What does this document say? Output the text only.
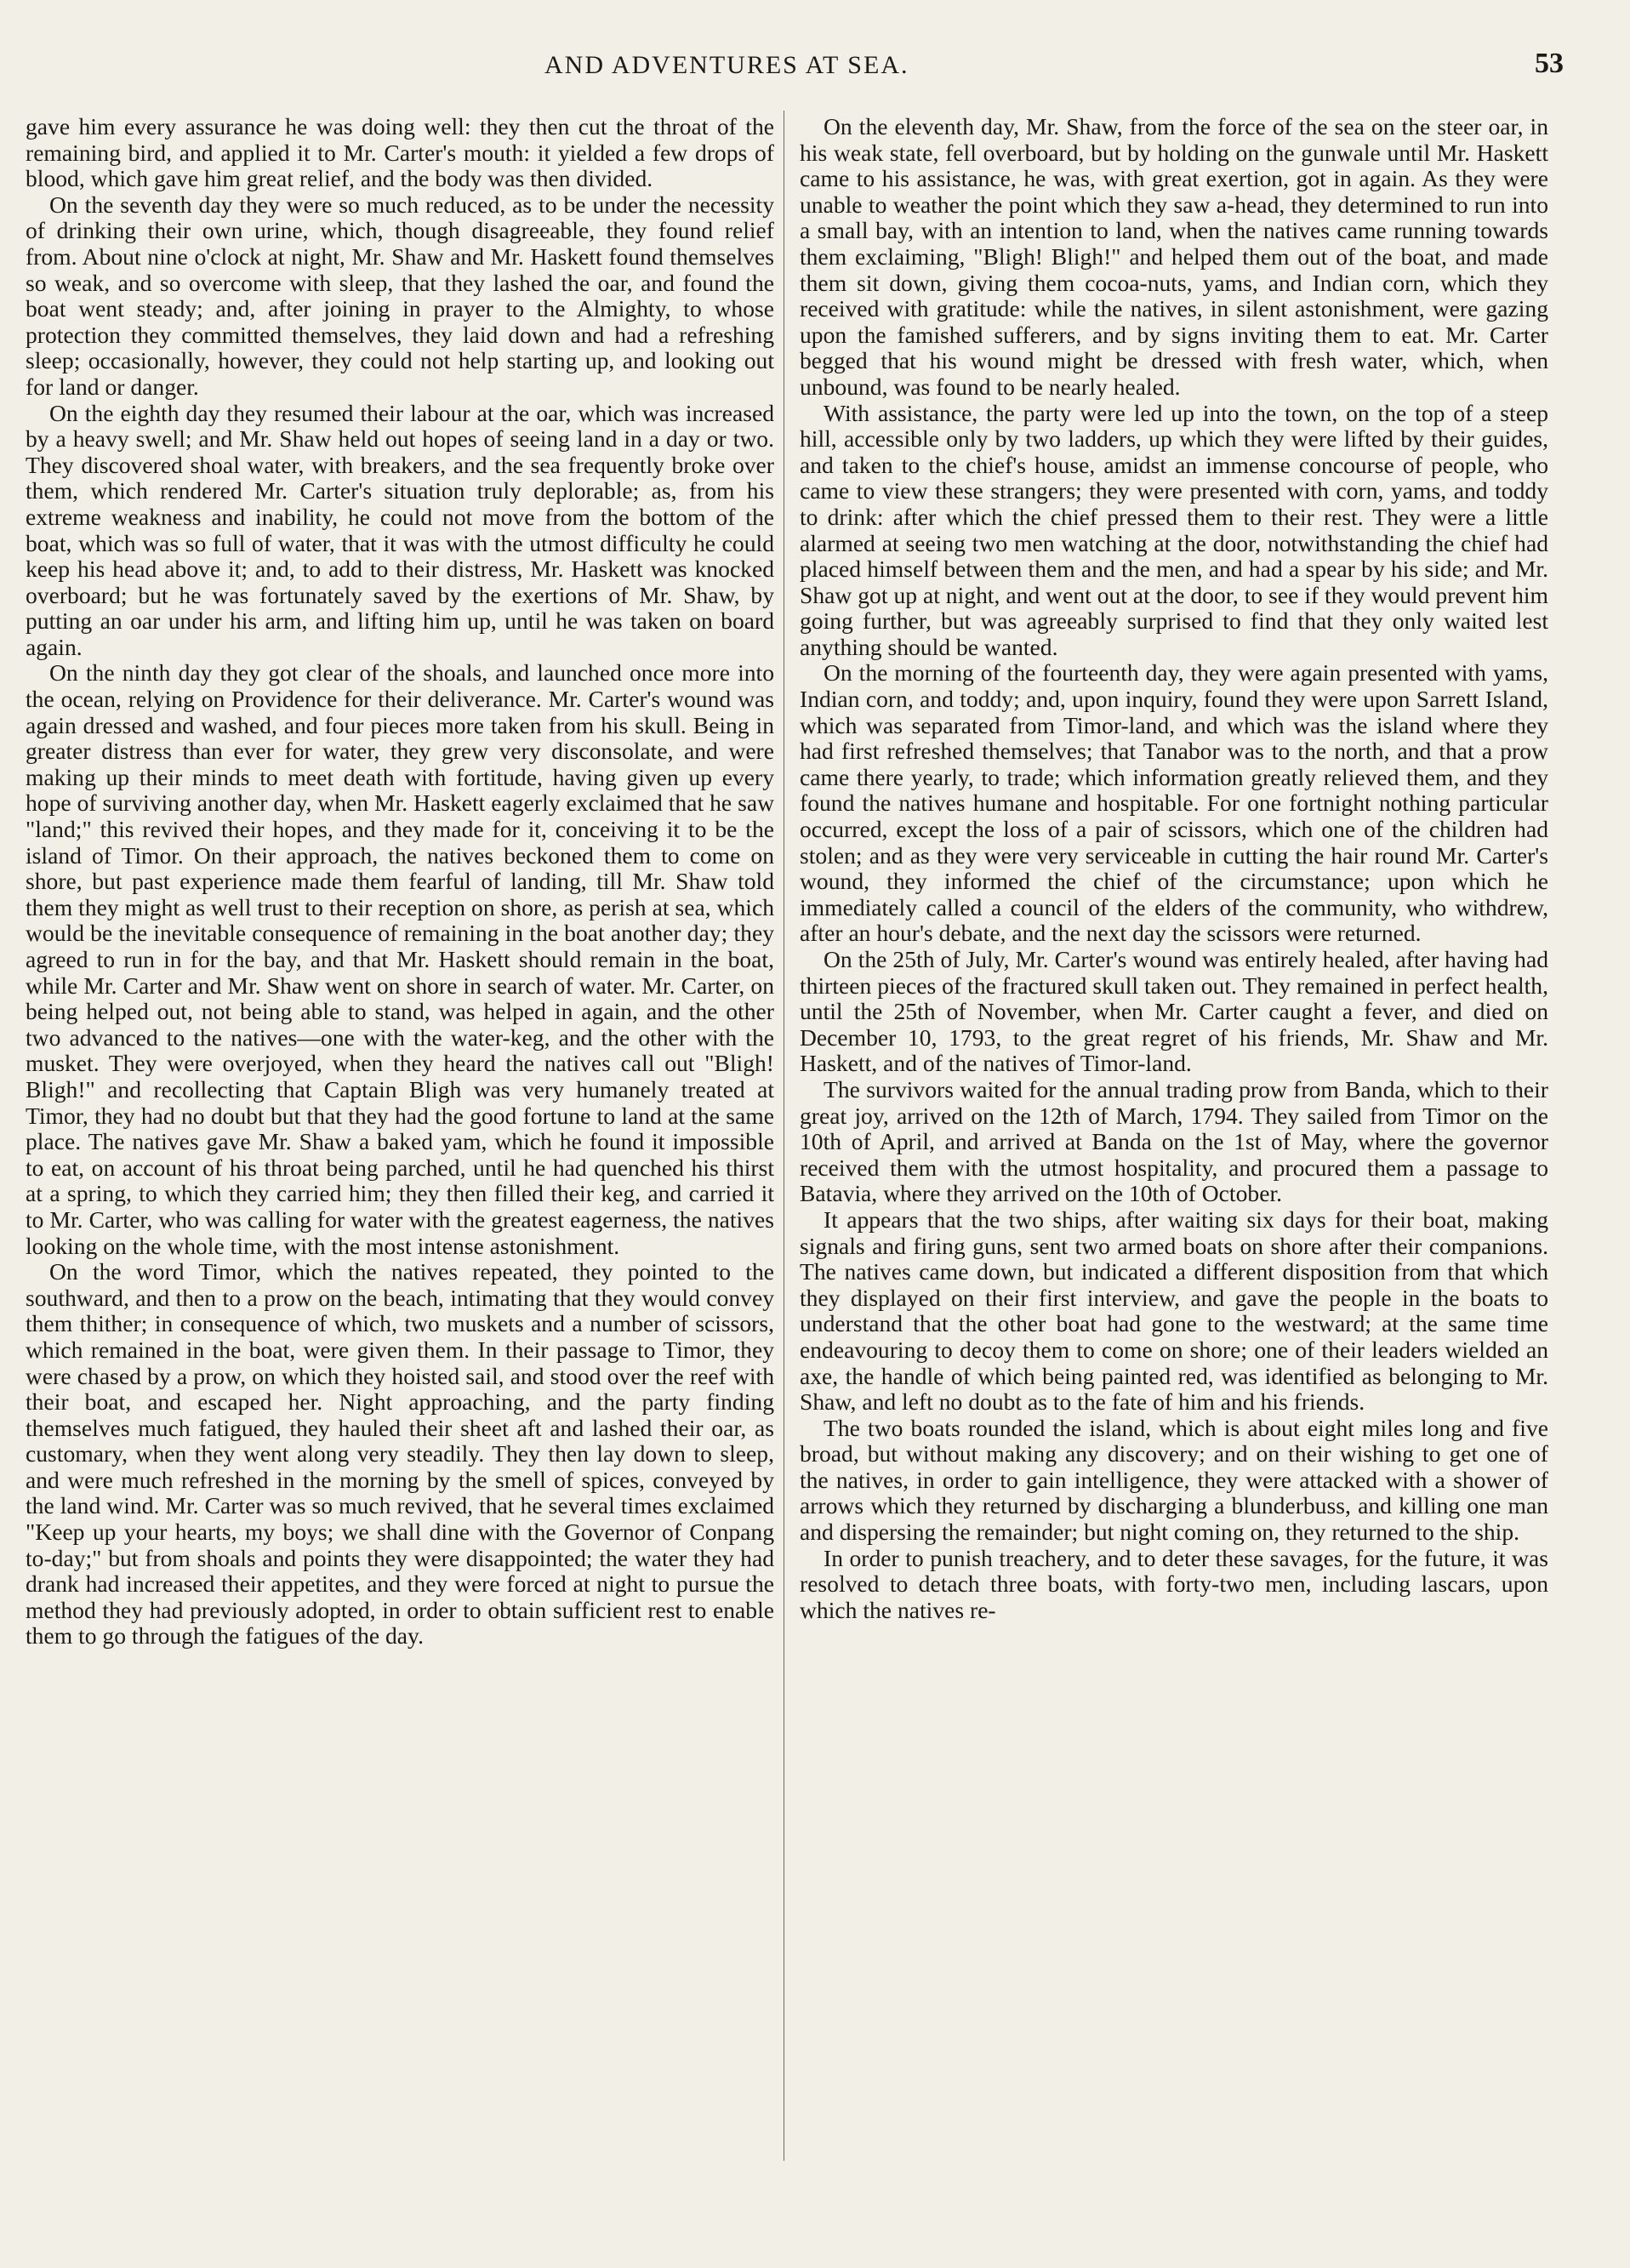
AND ADVENTURES AT SEA.	53

gave him every assurance he was doing well: they then cut the throat of the remaining bird, and applied it to Mr. Carter's mouth: it yielded a few drops of blood, which gave him great relief, and the body was then divided.

On the seventh day they were so much reduced, as to be under the necessity of drinking their own urine, which, though disagreeable, they found relief from. About nine o'clock at night, Mr. Shaw and Mr. Haskett found themselves so weak, and so overcome with sleep, that they lashed the oar, and found the boat went steady; and, after joining in prayer to the Almighty, to whose protection they committed themselves, they laid down and had a refreshing sleep; occasionally, however, they could not help starting up, and looking out for land or danger.

On the eighth day they resumed their labour at the oar, which was increased by a heavy swell; and Mr. Shaw held out hopes of seeing land in a day or two. They discovered shoal water, with breakers, and the sea frequently broke over them, which rendered Mr. Carter's situation truly deplorable; as, from his extreme weakness and inability, he could not move from the bottom of the boat, which was so full of water, that it was with the utmost difficulty he could keep his head above it; and, to add to their distress, Mr. Haskett was knocked overboard; but he was fortunately saved by the exertions of Mr. Shaw, by putting an oar under his arm, and lifting him up, until he was taken on board again.

On the ninth day they got clear of the shoals, and launched once more into the ocean, relying on Providence for their deliverance. Mr. Carter's wound was again dressed and washed, and four pieces more taken from his skull. Being in greater distress than ever for water, they grew very disconsolate, and were making up their minds to meet death with fortitude, having given up every hope of surviving another day, when Mr. Haskett eagerly exclaimed that he saw "land;" this revived their hopes, and they made for it, conceiving it to be the island of Timor. On their approach, the natives beckoned them to come on shore, but past experience made them fearful of landing, till Mr. Shaw told them they might as well trust to their reception on shore, as perish at sea, which would be the inevitable consequence of remaining in the boat another day; they agreed to run in for the bay, and that Mr. Haskett should remain in the boat, while Mr. Carter and Mr. Shaw went on shore in search of water. Mr. Carter, on being helped out, not being able to stand, was helped in again, and the other two advanced to the natives—one with the water-keg, and the other with the musket. They were overjoyed, when they heard the natives call out "Bligh! Bligh!" and recollecting that Captain Bligh was very humanely treated at Timor, they had no doubt but that they had the good fortune to land at the same place. The natives gave Mr. Shaw a baked yam, which he found it impossible to eat, on account of his throat being parched, until he had quenched his thirst at a spring, to which they carried him; they then filled their keg, and carried it to Mr. Carter, who was calling for water with the greatest eagerness, the natives looking on the whole time, with the most intense astonishment.

On the word Timor, which the natives repeated, they pointed to the southward, and then to a prow on the beach, intimating that they would convey them thither; in consequence of which, two muskets and a number of scissors, which remained in the boat, were given them. In their passage to Timor, they were chased by a prow, on which they hoisted sail, and stood over the reef with their boat, and escaped her. Night approaching, and the party finding themselves much fatigued, they hauled their sheet aft and lashed their oar, as customary, when they went along very steadily. They then lay down to sleep, and were much refreshed in the morning by the smell of spices, conveyed by the land wind. Mr. Carter was so much revived, that he several times exclaimed "Keep up your hearts, my boys; we shall dine with the Governor of Conpang to-day;" but from shoals and points they were disappointed; the water they had drank had increased their appetites, and they were forced at night to pursue the method they had previously adopted, in order to obtain sufficient rest to enable them to go through the fatigues of the day.

On the eleventh day, Mr. Shaw, from the force of the sea on the steer oar, in his weak state, fell overboard, but by holding on the gunwale until Mr. Haskett came to his assistance, he was, with great exertion, got in again. As they were unable to weather the point which they saw a-head, they determined to run into a small bay, with an intention to land, when the natives came running towards them exclaiming, "Bligh! Bligh!" and helped them out of the boat, and made them sit down, giving them cocoa-nuts, yams, and Indian corn, which they received with gratitude: while the natives, in silent astonishment, were gazing upon the famished sufferers, and by signs inviting them to eat. Mr. Carter begged that his wound might be dressed with fresh water, which, when unbound, was found to be nearly healed.

With assistance, the party were led up into the town, on the top of a steep hill, accessible only by two ladders, up which they were lifted by their guides, and taken to the chief's house, amidst an immense concourse of people, who came to view these strangers; they were presented with corn, yams, and toddy to drink: after which the chief pressed them to their rest. They were a little alarmed at seeing two men watching at the door, notwithstanding the chief had placed himself between them and the men, and had a spear by his side; and Mr. Shaw got up at night, and went out at the door, to see if they would prevent him going further, but was agreeably surprised to find that they only waited lest anything should be wanted.

On the morning of the fourteenth day, they were again presented with yams, Indian corn, and toddy; and, upon inquiry, found they were upon Sarrett Island, which was separated from Timor-land, and which was the island where they had first refreshed themselves; that Tanabor was to the north, and that a prow came there yearly, to trade; which information greatly relieved them, and they found the natives humane and hospitable. For one fortnight nothing particular occurred, except the loss of a pair of scissors, which one of the children had stolen; and as they were very serviceable in cutting the hair round Mr. Carter's wound, they informed the chief of the circumstance; upon which he immediately called a council of the elders of the community, who withdrew, after an hour's debate, and the next day the scissors were returned.

On the 25th of July, Mr. Carter's wound was entirely healed, after having had thirteen pieces of the fractured skull taken out. They remained in perfect health, until the 25th of November, when Mr. Carter caught a fever, and died on December 10, 1793, to the great regret of his friends, Mr. Shaw and Mr. Haskett, and of the natives of Timor-land.

The survivors waited for the annual trading prow from Banda, which to their great joy, arrived on the 12th of March, 1794. They sailed from Timor on the 10th of April, and arrived at Banda on the 1st of May, where the governor received them with the utmost hospitality, and procured them a passage to Batavia, where they arrived on the 10th of October.

It appears that the two ships, after waiting six days for their boat, making signals and firing guns, sent two armed boats on shore after their companions. The natives came down, but indicated a different disposition from that which they displayed on their first interview, and gave the people in the boats to understand that the other boat had gone to the westward; at the same time endeavouring to decoy them to come on shore; one of their leaders wielded an axe, the handle of which being painted red, was identified as belonging to Mr. Shaw, and left no doubt as to the fate of him and his friends.

The two boats rounded the island, which is about eight miles long and five broad, but without making any discovery; and on their wishing to get one of the natives, in order to gain intelligence, they were attacked with a shower of arrows which they returned by discharging a blunderbuss, and killing one man and dispersing the remainder; but night coming on, they returned to the ship.

In order to punish treachery, and to deter these savages, for the future, it was resolved to detach three boats, with forty-two men, including lascars, upon which the natives re-
